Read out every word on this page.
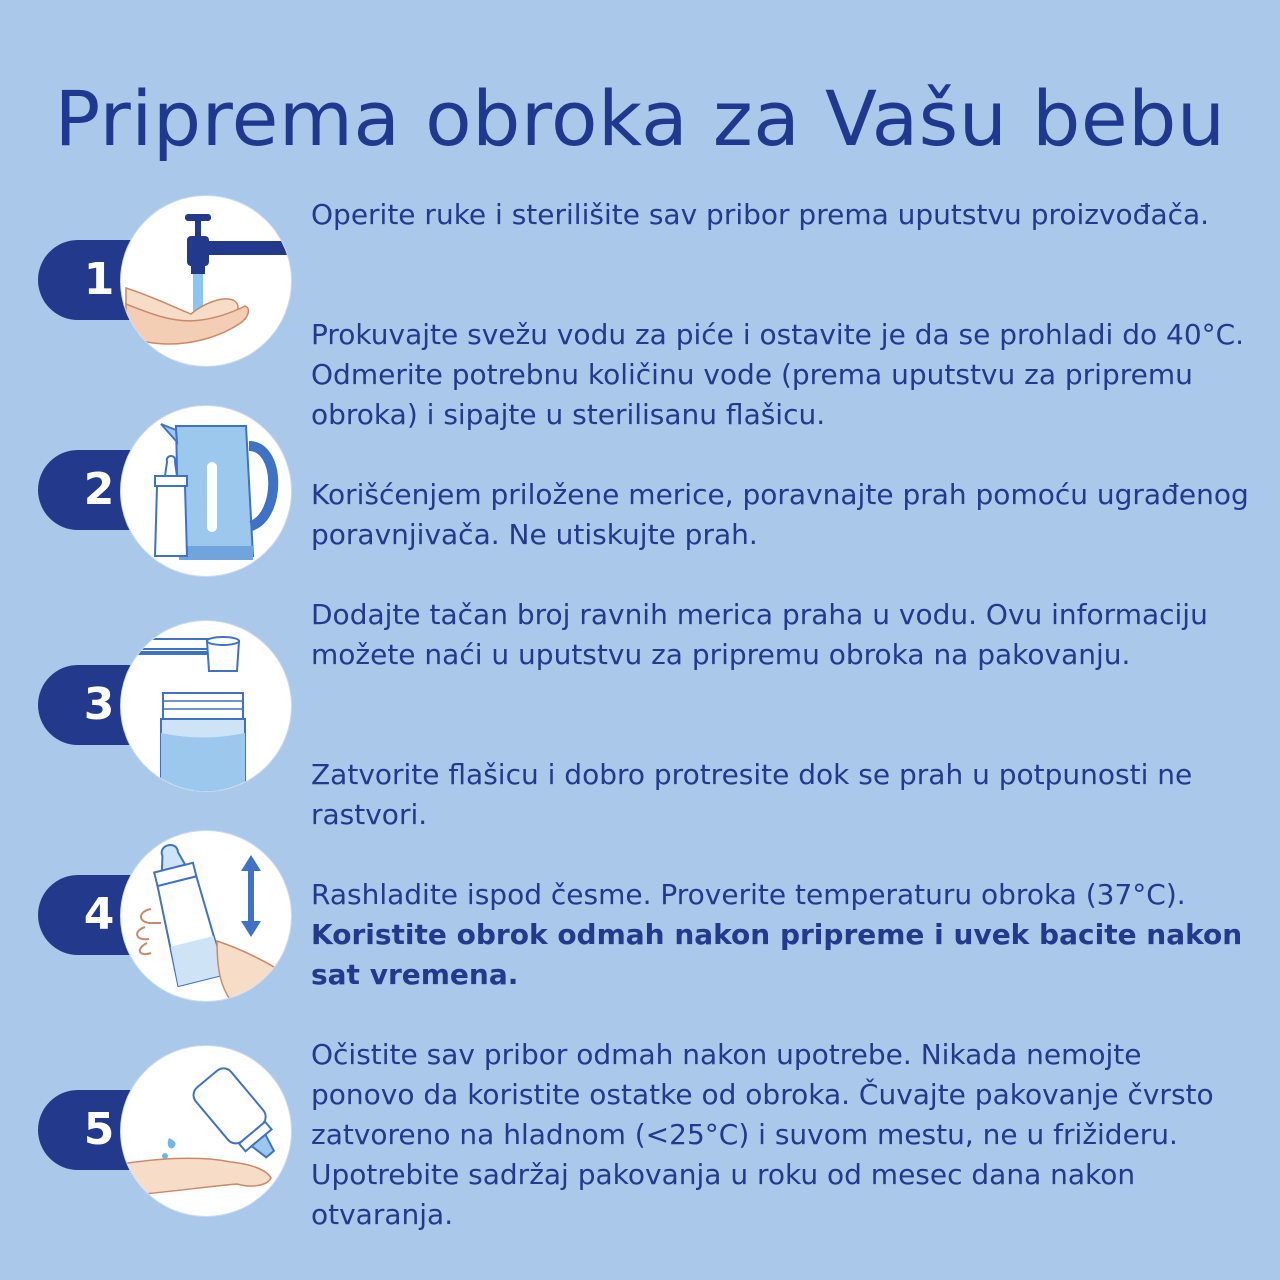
Priprema obroka za Vašu bebu
1

Operite ruke i sterilišite sav pribor prema uputstvu proizvođača.

Prokuvajte svežu vodu za piće i ostavite je da se prohladi do 40°C. Odmerite potrebnu količinu vode (prema uputstvu za pripremu obroka) i sipajte u sterilisanu flašicu.

2	Korišćenjem priložene merice, poravnajte prah pomoću ugrađenog poravnjivača. Ne utiskujte prah.

3

Dodajte tačan broj ravnih merica praha u vodu. Ovu informaciju možete naći u uputstvu za pripremu obroka na pakovanju.

Zatvorite flašicu i dobro protresite dok se prah u potpunosti ne rastvori.

4	Rashladite ispod česme. Proverite temperaturu obroka (37°C). Koristite obrok odmah nakon pripreme i uvek bacite nakon sat vremena.

5

Očistite sav pribor odmah nakon upotrebe. Nikada nemojte ponovo da koristite ostatke od obroka. Čuvajte pakovanje čvrsto zatvoreno na hladnom (<25°C) i suvom mestu, ne u frižideru. Upotrebite sadržaj pakovanja u roku od mesec dana nakon otvaranja.
